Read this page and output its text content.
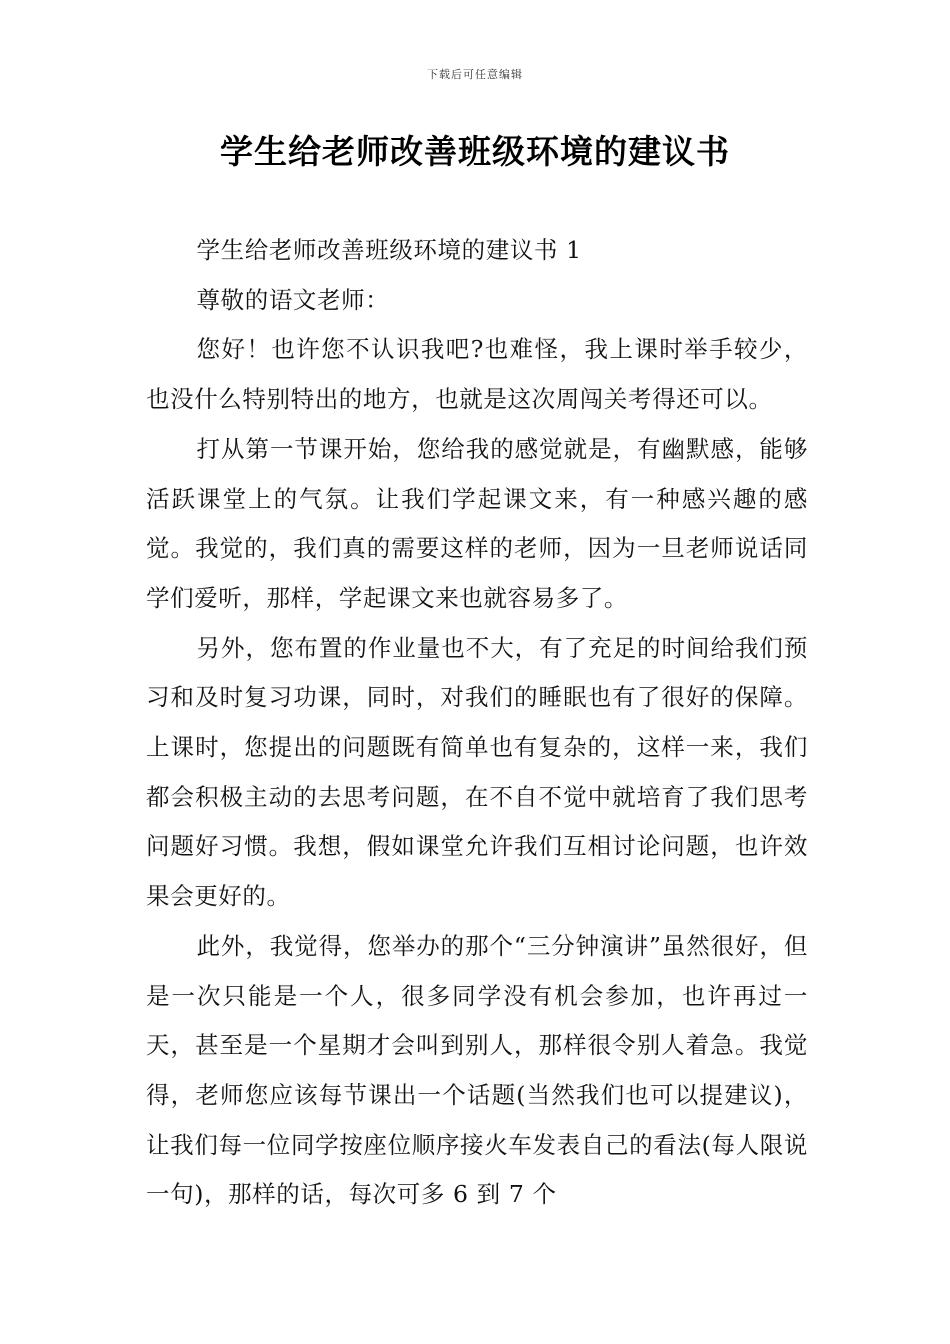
下载后可任意编辑
学生给老师改善班级环境的建议书

学生给老师改善班级环境的建议书 1

尊敬的语文老师：

您好！也许您不认识我吧?也难怪，我上课时举手较少，也没什么特别特出的地方，也就是这次周闯关考得还可以。

打从第一节课开始，您给我的感觉就是，有幽默感，能够活跃课堂上的气氛。让我们学起课文来，有一种感兴趣的感觉。我觉的，我们真的需要这样的老师，因为一旦老师说话同学们爱听，那样，学起课文来也就容易多了。

另外，您布置的作业量也不大，有了充足的时间给我们预习和及时复习功课，同时，对我们的睡眠也有了很好的保障。上课时，您提出的问题既有简单也有复杂的，这样一来，我们都会积极主动的去思考问题，在不自不觉中就培育了我们思考问题好习惯。我想，假如课堂允许我们互相讨论问题，也许效果会更好的。

此外，我觉得，您举办的那个“三分钟演讲”虽然很好，但是一次只能是一个人，很多同学没有机会参加，也许再过一天，甚至是一个星期才会叫到别人，那样很令别人着急。我觉得，老师您应该每节课出一个话题(当然我们也可以提建议)，让我们每一位同学按座位顺序接火车发表自己的看法(每人限说一句)，那样的话，每次可多 6 到 7 个
